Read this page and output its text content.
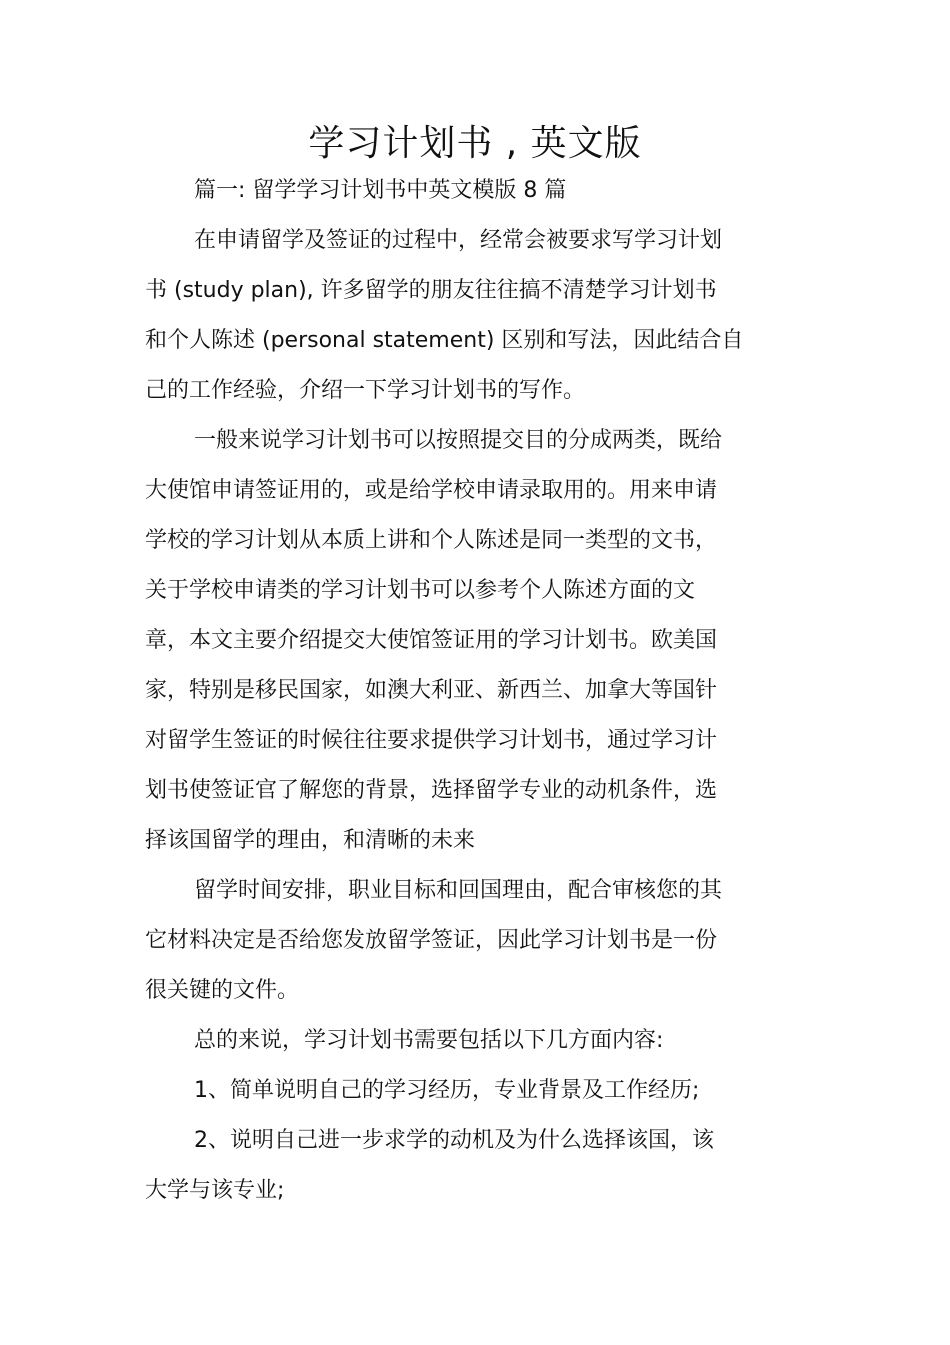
学习计划书 , 英文版

篇一: 留学学习计划书中英文模版 8 篇

在申请留学及签证的过程中，经常会被要求写学习计划

书 (study plan), 许多留学的朋友往往搞不清楚学习计划书

和个人陈述 (personal statement) 区别和写法，因此结合自

己的工作经验，介绍一下学习计划书的写作。

一般来说学习计划书可以按照提交目的分成两类，既给

大使馆申请签证用的，或是给学校申请录取用的。用来申请

学校的学习计划从本质上讲和个人陈述是同一类型的文书，

关于学校申请类的学习计划书可以参考个人陈述方面的文

章，本文主要介绍提交大使馆签证用的学习计划书。欧美国

家，特别是移民国家，如澳大利亚、新西兰、加拿大等国针

对留学生签证的时候往往要求提供学习计划书，通过学习计

划书使签证官了解您的背景，选择留学专业的动机条件，选

择该国留学的理由，和清晰的未来

留学时间安排，职业目标和回国理由，配合审核您的其

它材料决定是否给您发放留学签证，因此学习计划书是一份

很关键的文件。

总的来说，学习计划书需要包括以下几方面内容:

1、简单说明自己的学习经历，专业背景及工作经历;

2、说明自己进一步求学的动机及为什么选择该国，该

大学与该专业;
